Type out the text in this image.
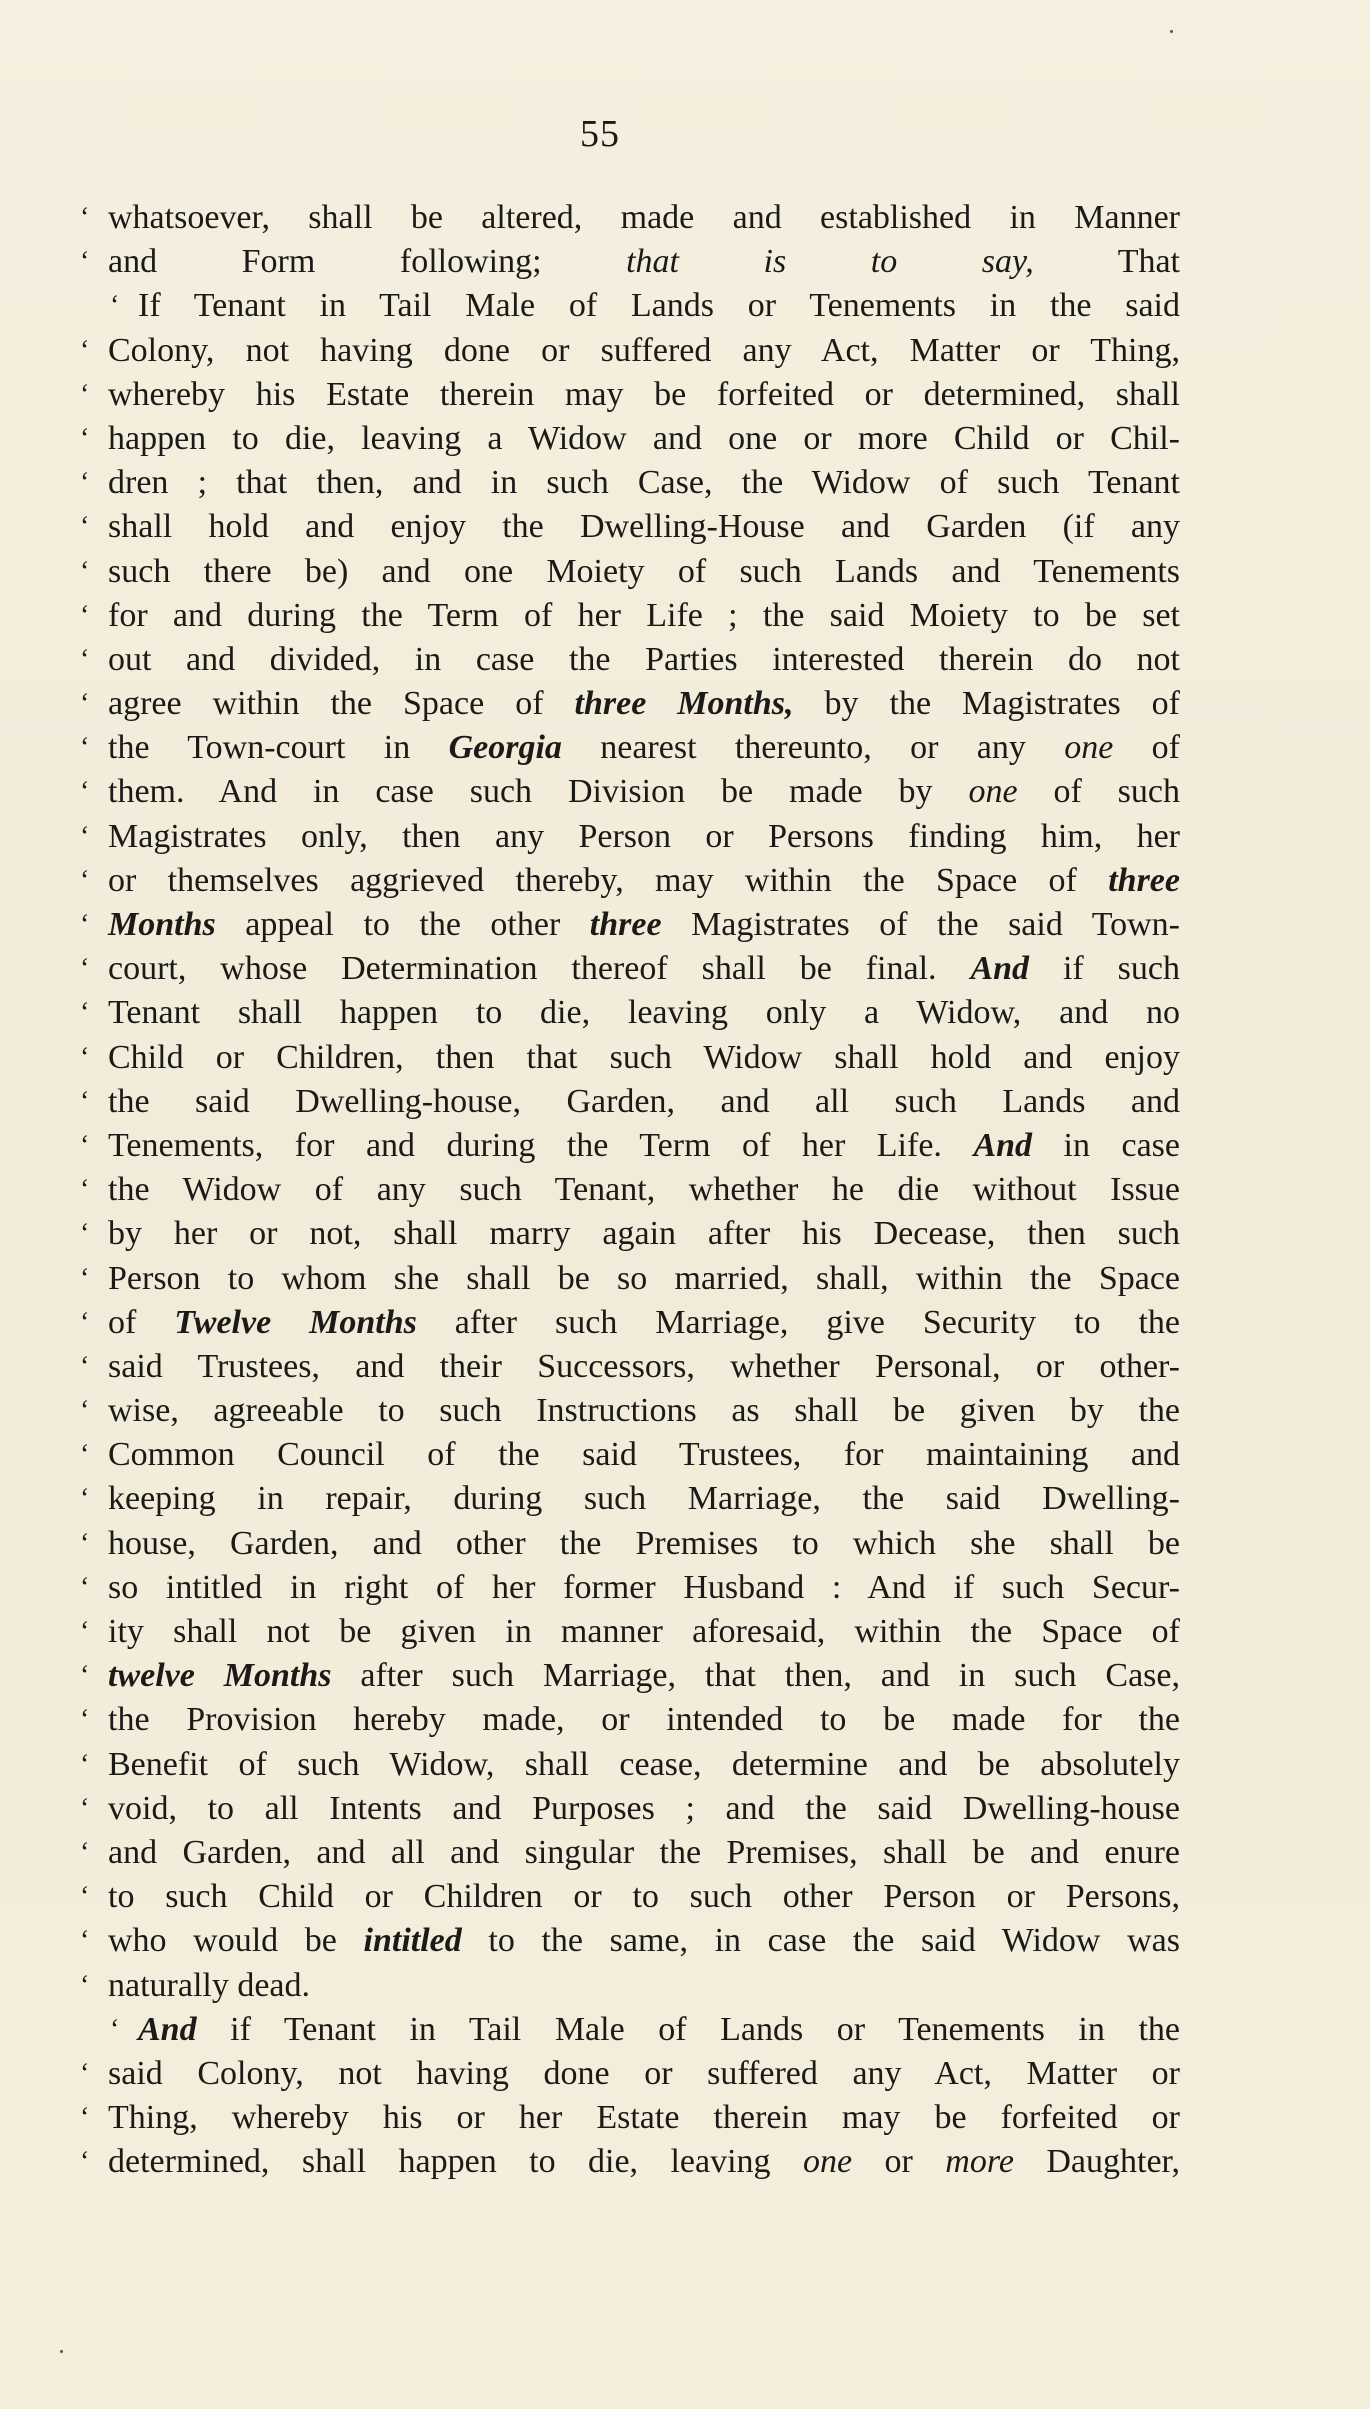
55
‘ whatsoever, shall be altered, made and established in Manner
‘ and Form following; that is to say, That
‘ If Tenant in Tail Male of Lands or Tenements in the said
‘ Colony, not having done or suffered any Act, Matter or Thing,
‘ whereby his Estate therein may be forfeited or determined, shall
‘ happen to die, leaving a Widow and one or more Child or Chil-
‘ dren ; that then, and in such Case, the Widow of such Tenant
‘ shall hold and enjoy the Dwelling-House and Garden (if any
‘ such there be) and one Moiety of such Lands and Tenements
‘ for and during the Term of her Life ; the said Moiety to be set
‘ out and divided, in case the Parties interested therein do not
‘ agree within the Space of three Months, by the Magistrates of
‘ the Town-court in Georgia nearest thereunto, or any one of
‘ them. And in case such Division be made by one of such
‘ Magistrates only, then any Person or Persons finding him, her
‘ or themselves aggrieved thereby, may within the Space of three
‘ Months appeal to the other three Magistrates of the said Town-
‘ court, whose Determination thereof shall be final. And if such
‘ Tenant shall happen to die, leaving only a Widow, and no
‘ Child or Children, then that such Widow shall hold and enjoy
‘ the said Dwelling-house, Garden, and all such Lands and
‘ Tenements, for and during the Term of her Life. And in case
‘ the Widow of any such Tenant, whether he die without Issue
‘ by her or not, shall marry again after his Decease, then such
‘ Person to whom she shall be so married, shall, within the Space
‘ of Twelve Months after such Marriage, give Security to the
‘ said Trustees, and their Successors, whether Personal, or other-
‘ wise, agreeable to such Instructions as shall be given by the
‘ Common Council of the said Trustees, for maintaining and
‘ keeping in repair, during such Marriage, the said Dwelling-
‘ house, Garden, and other the Premises to which she shall be
‘ so intitled in right of her former Husband : And if such Secur-
‘ ity shall not be given in manner aforesaid, within the Space of
‘ twelve Months after such Marriage, that then, and in such Case,
‘ the Provision hereby made, or intended to be made for the
‘ Benefit of such Widow, shall cease, determine and be absolutely
‘ void, to all Intents and Purposes ; and the said Dwelling-house
‘ and Garden, and all and singular the Premises, shall be and enure
‘ to such Child or Children or to such other Person or Persons,
‘ who would be intitled to the same, in case the said Widow was
‘ naturally dead.
‘ And if Tenant in Tail Male of Lands or Tenements in the
‘ said Colony, not having done or suffered any Act, Matter or
‘ Thing, whereby his or her Estate therein may be forfeited or
‘ determined, shall happen to die, leaving one or more Daughter,
